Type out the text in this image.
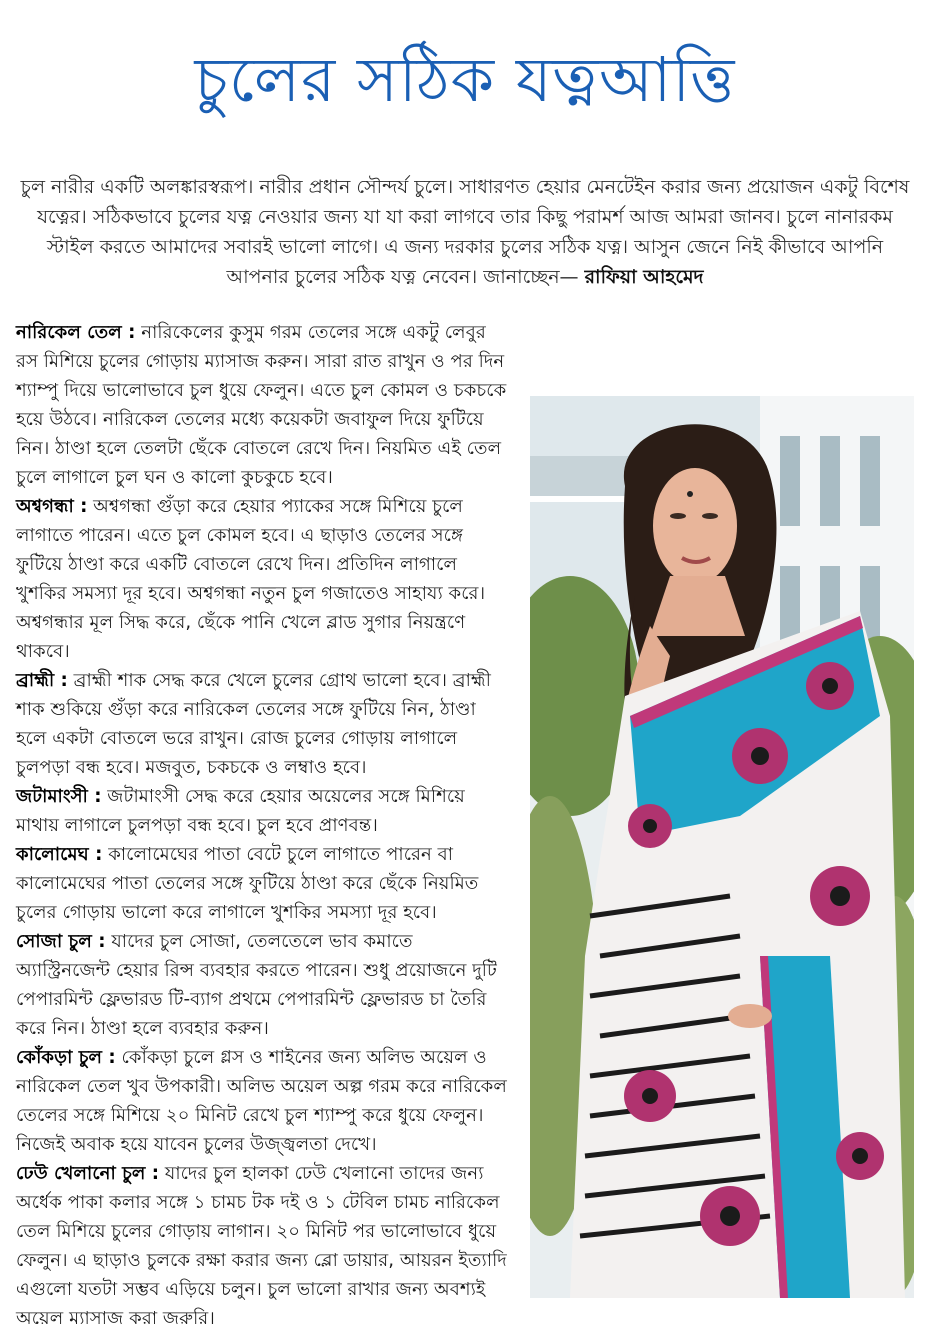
চুলের সঠিক যত্নআত্তি
চুল নারীর একটি অলঙ্কারস্বরূপ। নারীর প্রধান সৌন্দর্য চুলে। সাধারণত হেয়ার মেনটেইন করার জন্য প্রয়োজন একটু বিশেষ যত্নের। সঠিকভাবে চুলের যত্ন নেওয়ার জন্য যা যা করা লাগবে তার কিছু পরামর্শ আজ আমরা জানব। চুলে নানারকম স্টাইল করতে আমাদের সবারই ভালো লাগে। এ জন্য দরকার চুলের সঠিক যত্ন। আসুন জেনে নিই কীভাবে আপনি আপনার চুলের সঠিক যত্ন নেবেন। জানাচ্ছেন— রাফিয়া আহমেদ
নারিকেল তেল : নারিকেলের কুসুম গরম তেলের সঙ্গে একটু লেবুর রস মিশিয়ে চুলের গোড়ায় ম্যাসাজ করুন। সারা রাত রাখুন ও পর দিন শ্যাম্পু দিয়ে ভালোভাবে চুল ধুয়ে ফেলুন। এতে চুল কোমল ও চকচকে হয়ে উঠবে। নারিকেল তেলের মধ্যে কয়েকটা জবাফুল দিয়ে ফুটিয়ে নিন। ঠাণ্ডা হলে তেলটা ছেঁকে বোতলে রেখে দিন। নিয়মিত এই তেল চুলে লাগালে চুল ঘন ও কালো কুচকুচে হবে।
অশ্বগন্ধা : অশ্বগন্ধা গুঁড়া করে হেয়ার প্যাকের সঙ্গে মিশিয়ে চুলে লাগাতে পারেন। এতে চুল কোমল হবে। এ ছাড়াও তেলের সঙ্গে ফুটিয়ে ঠাণ্ডা করে একটি বোতলে রেখে দিন। প্রতিদিন লাগালে খুশকির সমস্যা দূর হবে। অশ্বগন্ধা নতুন চুল গজাতেও সাহায্য করে। অশ্বগন্ধার মূল সিদ্ধ করে, ছেঁকে পানি খেলে ব্লাড সুগার নিয়ন্ত্রণে থাকবে।
ব্রাহ্মী : ব্রাহ্মী শাক সেদ্ধ করে খেলে চুলের গ্রোথ ভালো হবে। ব্রাহ্মী শাক শুকিয়ে গুঁড়া করে নারিকেল তেলের সঙ্গে ফুটিয়ে নিন, ঠাণ্ডা হলে একটা বোতলে ভরে রাখুন। রোজ চুলের গোড়ায় লাগালে চুলপড়া বন্ধ হবে। মজবুত, চকচকে ও লম্বাও হবে।
জটামাংসী : জটামাংসী সেদ্ধ করে হেয়ার অয়েলের সঙ্গে মিশিয়ে মাথায় লাগালে চুলপড়া বন্ধ হবে। চুল হবে প্রাণবন্ত।
কালোমেঘ : কালোমেঘের পাতা বেটে চুলে লাগাতে পারেন বা কালোমেঘের পাতা তেলের সঙ্গে ফুটিয়ে ঠাণ্ডা করে ছেঁকে নিয়মিত চুলের গোড়ায় ভালো করে লাগালে খুশকির সমস্যা দূর হবে।
সোজা চুল : যাদের চুল সোজা, তেলতেলে ভাব কমাতে অ্যাস্ট্রিনজেন্ট হেয়ার রিন্স ব্যবহার করতে পারেন। শুধু প্রয়োজনে দুটি পেপারমিন্ট ফ্লেভারড টি-ব্যাগ প্রথমে পেপারমিন্ট ফ্লেভারড চা তৈরি করে নিন। ঠাণ্ডা হলে ব্যবহার করুন।
কোঁকড়া চুল : কোঁকড়া চুলে গ্লস ও শাইনের জন্য অলিভ অয়েল ও নারিকেল তেল খুব উপকারী। অলিভ অয়েল অল্প গরম করে নারিকেল তেলের সঙ্গে মিশিয়ে ২০ মিনিট রেখে চুল শ্যাম্পু করে ধুয়ে ফেলুন। নিজেই অবাক হয়ে যাবেন চুলের উজ্জ্বলতা দেখে।
ঢেউ খেলানো চুল : যাদের চুল হালকা ঢেউ খেলানো তাদের জন্য অর্ধেক পাকা কলার সঙ্গে ১ চামচ টক দই ও ১ টেবিল চামচ নারিকেল তেল মিশিয়ে চুলের গোড়ায় লাগান। ২০ মিনিট পর ভালোভাবে ধুয়ে ফেলুন। এ ছাড়াও চুলকে রক্ষা করার জন্য ব্লো ডায়ার, আয়রন ইত্যাদি এগুলো যতটা সম্ভব এড়িয়ে চলুন। চুল ভালো রাখার জন্য অবশ্যই অয়েল ম্যাসাজ করা জরুরি।
